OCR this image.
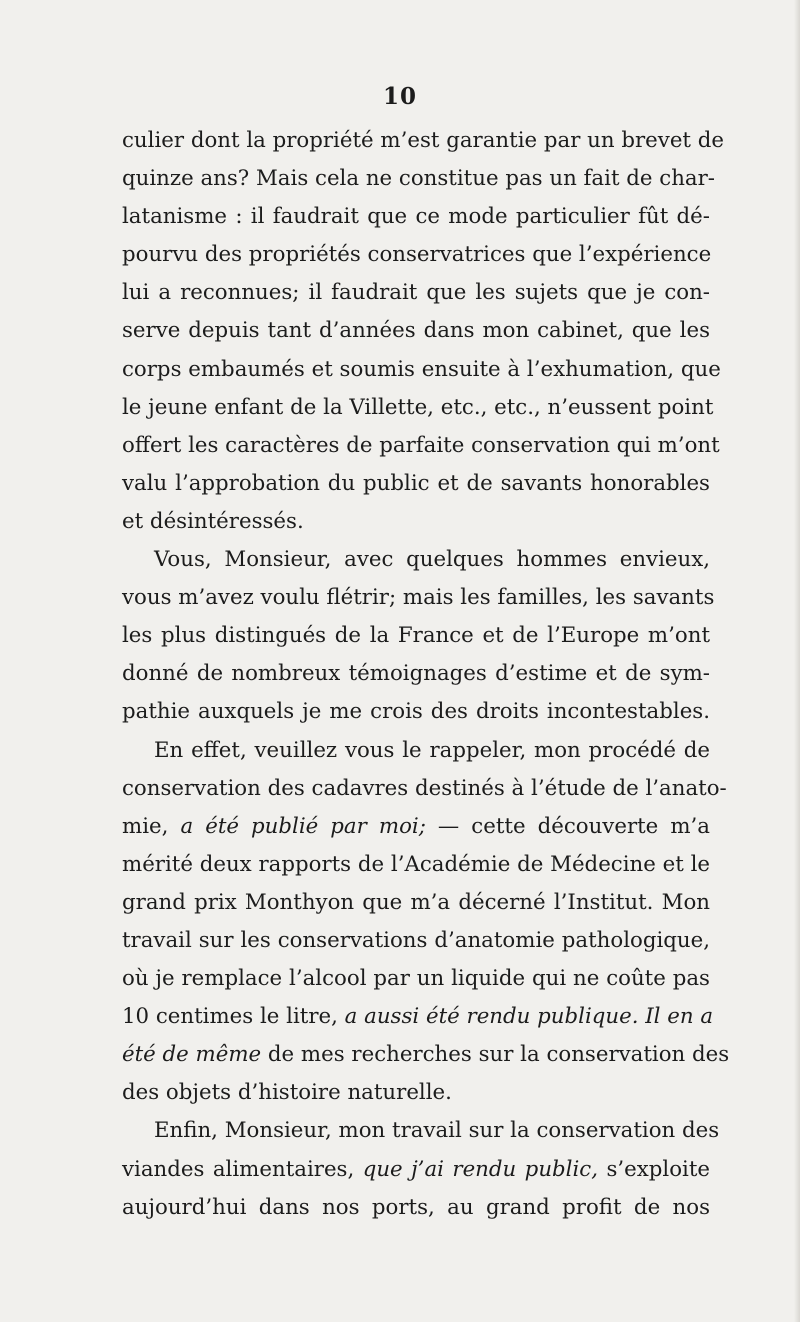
10
culier dont la propriété m’est garantie par un brevet de
quinze ans? Mais cela ne constitue pas un fait de char-
latanisme : il faudrait que ce mode particulier fût dé-
pourvu des propriétés conservatrices que l’expérience
lui a reconnues; il faudrait que les sujets que je con-
serve depuis tant d’années dans mon cabinet, que les
corps embaumés et soumis ensuite à l’exhumation, que
le jeune enfant de la Villette, etc., etc., n’eussent point
offert les caractères de parfaite conservation qui m’ont
valu l’approbation du public et de savants honorables
et désintéressés.
Vous, Monsieur, avec quelques hommes envieux,
vous m’avez voulu flétrir; mais les familles, les savants
les plus distingués de la France et de l’Europe m’ont
donné de nombreux témoignages d’estime et de sym-
pathie auxquels je me crois des droits incontestables.
En effet, veuillez vous le rappeler, mon procédé de
conservation des cadavres destinés à l’étude de l’anato-
mie, a été publié par moi; — cette découverte m’a
mérité deux rapports de l’Académie de Médecine et le
grand prix Monthyon que m’a décerné l’Institut. Mon
travail sur les conservations d’anatomie pathologique,
où je remplace l’alcool par un liquide qui ne coûte pas
10 centimes le litre, a aussi été rendu publique. Il en a
été de même de mes recherches sur la conservation des
des objets d’histoire naturelle.
Enfin, Monsieur, mon travail sur la conservation des
viandes alimentaires, que j’ai rendu public, s’exploite
aujourd’hui dans nos ports, au grand profit de nos
